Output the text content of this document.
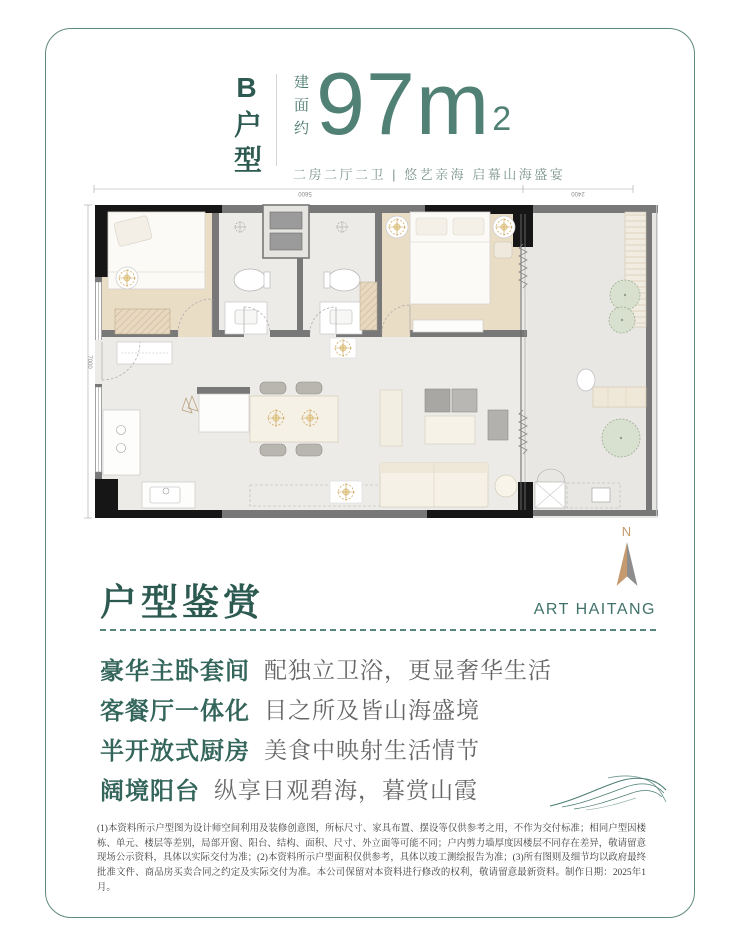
B户型 建面约 97m2
二房二厅二卫 | 悠艺亲海 启幕山海盛宴
5600	2400
7000
N
户型鉴赏	ART HAITANG
豪华主卧套间 配独立卫浴，更显奢华生活
客餐厅一体化 目之所及皆山海盛境
半开放式厨房 美食中映射生活情节
阔境阳台 纵享日观碧海，暮赏山霞
(1)本资料所示户型图为设计师空间利用及装修创意图，所标尺寸、家具布置、摆设等仅供参考之用，不作为交付标准；相同户型因楼栋、单元、楼层等差别，局部开窗、阳台、结构、面积、尺寸、外立面等可能不同；户内剪力墙厚度因楼层不同存在差异，敬请留意现场公示资料，具体以实际交付为准；(2)本资料所示户型面积仅供参考，具体以竣工测绘报告为准；(3)所有图则及细节均以政府最终批准文件、商品房买卖合同之约定及实际交付为准。本公司保留对本资料进行修改的权利，敬请留意最新资料。制作日期：2025年1月。
